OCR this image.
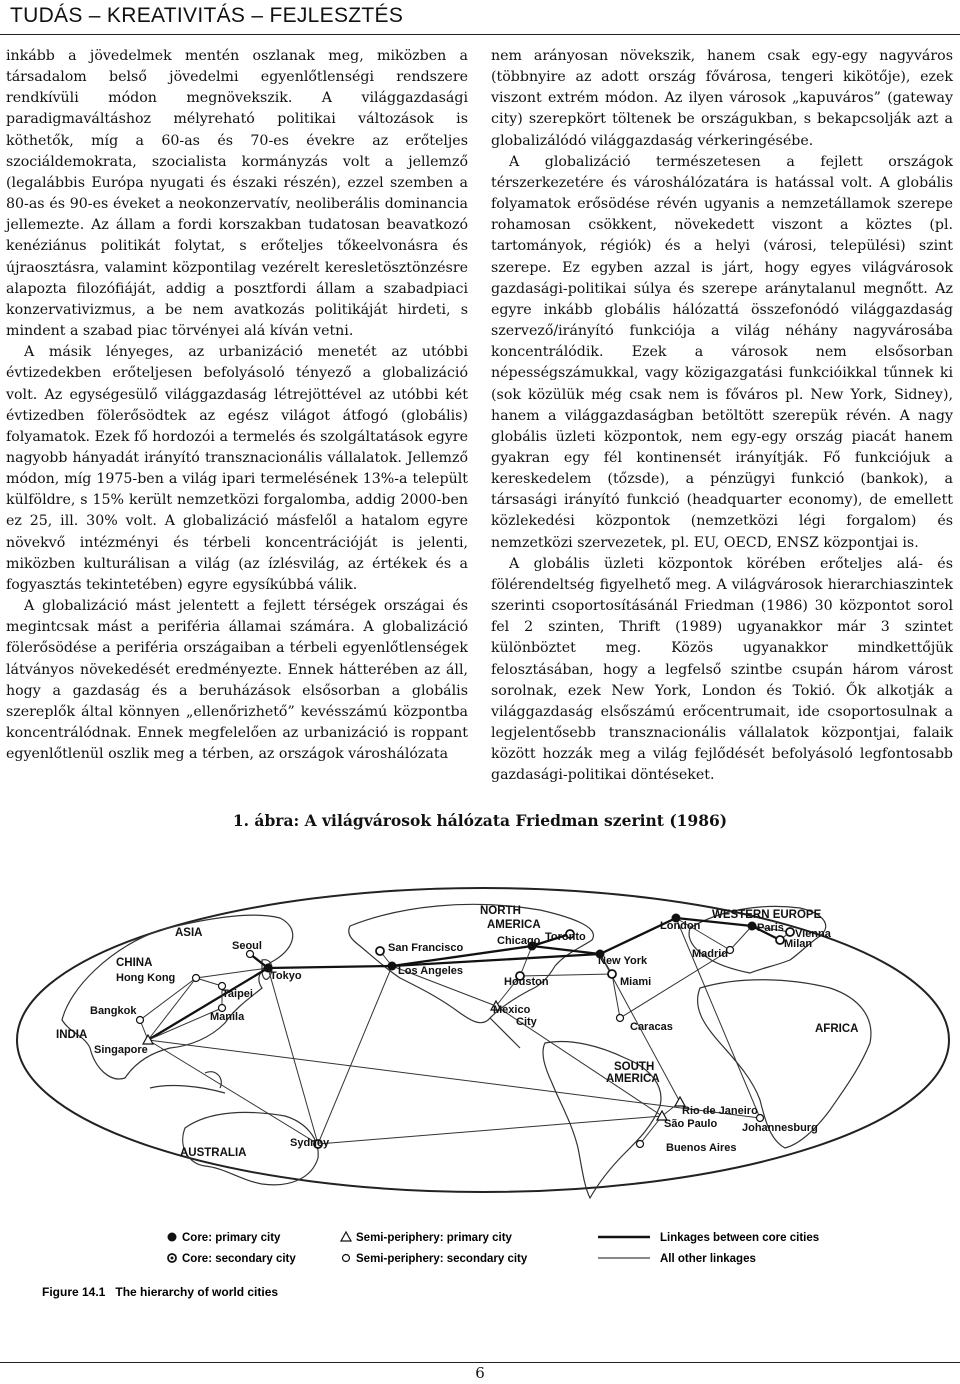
TUDÁS – KREATIVITÁS – FEJLESZTÉS

inkább a jövedelmek mentén oszlanak meg, miközben a társadalom belső jövedelmi egyenlőtlenségi rendszere rendkívüli módon megnövekszik. A világgazdasági paradigmaváltáshoz mélyreható politikai változások is köthetők, míg a 60-as és 70-es évekre az erőteljes szociáldemokrata, szocialista kormányzás volt a jellemző (legalábbis Európa nyugati és északi részén), ezzel szemben a 80-as és 90-es éveket a neokonzervatív, neoliberális dominancia jellemezte. Az állam a fordi korszakban tudatosan beavatkozó kenéziánus politikát folytat, s erőteljes tőkeelvonásra és újraosztásra, valamint központilag vezérelt keresletösztönzésre alapozta filozófiáját, addig a posztfordi állam a szabadpiaci konzervativizmus, a be nem avatkozás politikáját hirdeti, s mindent a szabad piac törvényei alá kíván vetni.

A másik lényeges, az urbanizáció menetét az utóbbi évtizedekben erőteljesen befolyásoló tényező a globalizáció volt. Az egységesülő világgazdaság létrejöttével az utóbbi két évtizedben fölerősödtek az egész világot átfogó (globális) folyamatok. Ezek fő hordozói a termelés és szolgáltatások egyre nagyobb hányadát irányító transznacionális vállalatok. Jellemző módon, míg 1975-ben a világ ipari termelésének 13%-a települt külföldre, s 15% került nemzetközi forgalomba, addig 2000-ben ez 25, ill. 30% volt. A globalizáció másfelől a hatalom egyre növekvő intézményi és térbeli koncentrációját is jelenti, miközben kulturálisan a világ (az ízlésvilág, az értékek és a fogyasztás tekintetében) egyre egysíkúbbá válik.

A globalizáció mást jelentett a fejlett térségek országai és megintcsak mást a periféria államai számára. A globalizáció fölerősödése a periféria országaiban a térbeli egyenlőtlenségek látványos növekedését eredményezte. Ennek hátterében az áll, hogy a gazdaság és a beruházások elsősorban a globális szereplők által könnyen „ellenőrizhető” kevésszámú központba koncentrálódnak. Ennek megfelelően az urbanizáció is roppant egyenlőtlenül oszlik meg a térben, az országok városhálózata

nem arányosan növekszik, hanem csak egy-egy nagyváros (többnyire az adott ország fővárosa, tengeri kikötője), ezek viszont extrém módon. Az ilyen városok „kapuváros” (gateway city) szerepkört töltenek be országukban, s bekapcsolják azt a globalizálódó világgazdaság vérkeringésébe.

A globalizáció természetesen a fejlett országok térszerkezetére és városhálózatára is hatással volt. A globális folyamatok erősödése révén ugyanis a nemzetállamok szerepe rohamosan csökkent, növekedett viszont a köztes (pl. tartományok, régiók) és a helyi (városi, települési) szint szerepe. Ez egyben azzal is járt, hogy egyes világvárosok gazdasági-politikai súlya és szerepe aránytalanul megnőtt. Az egyre inkább globális hálózattá összefonódó világgazdaság szervező/irányító funkciója a világ néhány nagyvárosába koncentrálódik. Ezek a városok nem elsősorban népességszámukkal, vagy közigazgatási funkcióikkal tűnnek ki (sok közülük még csak nem is főváros pl. New York, Sidney), hanem a világgazdaságban betöltött szerepük révén. A nagy globális üzleti központok, nem egy-egy ország piacát hanem gyakran egy fél kontinensét irányítják. Fő funkciójuk a kereskedelem (tőzsde), a pénzügyi funkció (bankok), a társasági irányító funkció (headquarter economy), de emellett közlekedési központok (nemzetközi légi forgalom) és nemzetközi szervezetek, pl. EU, OECD, ENSZ központjai is.

A globális üzleti központok körében erőteljes alá- és fölérendeltség figyelhető meg. A világvárosok hierarchiaszintek szerinti csoportosításánál Friedman (1986) 30 központot sorol fel 2 szinten, Thrift (1989) ugyanakkor már 3 szintet különböztet meg. Közös ugyanakkor mindkettőjük felosztásában, hogy a legfelső szintbe csupán három várost sorolnak, ezek New York, London és Tokió. Ők alkotják a világgazdaság elsőszámú erőcentrumait, ide csoportosulnak a legjelentősebb transznacionális vállalatok központjai, falaik között hozzák meg a világ fejlődését befolyásoló legfontosabb gazdasági-politikai döntéseket.

1. ábra: A világvárosok hálózata Friedman szerint (1986)
ASIA
CHINA
INDIA
AUSTRALIA
NORTH
AMERICA
WESTERN EUROPE
AFRICA
SOUTH
AMERICA
Seoul
Tokyo
Hong Kong
Taipei
Manila
Bangkok
Singapore
Sydney
San Francisco
Los Angeles
Chicago Toronto
New York
Houston	Miami
Mexico
City	Caracas
London	Paris Vienna
Milan
Madrid
Rio de Janeiro
São Paulo
Buenos Aires
Johannesburg
Core: primary city
Core: secondary city
Semi-periphery: primary city
Semi-periphery: secondary city
Linkages between core cities
All other linkages
Figure 14.1   The hierarchy of world cities
6
